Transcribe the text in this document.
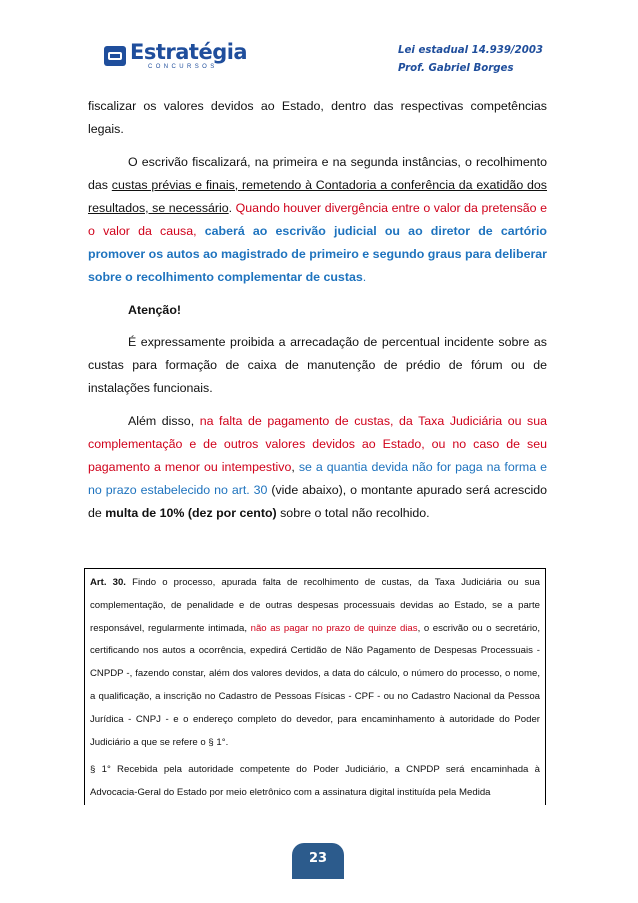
Estratégia
CONCURSOS
Lei estadual 14.939/2003
Prof. Gabriel Borges

fiscalizar os valores devidos ao Estado, dentro das respectivas competências legais.

O escrivão fiscalizará, na primeira e na segunda instâncias, o recolhimento das custas prévias e finais, remetendo à Contadoria a conferência da exatidão dos resultados, se necessário. Quando houver divergência entre o valor da pretensão e o valor da causa, caberá ao escrivão judicial ou ao diretor de cartório promover os autos ao magistrado de primeiro e segundo graus para deliberar sobre o recolhimento complementar de custas.

Atenção!

É expressamente proibida a arrecadação de percentual incidente sobre as custas para formação de caixa de manutenção de prédio de fórum ou de instalações funcionais.

Além disso, na falta de pagamento de custas, da Taxa Judiciária ou sua complementação e de outros valores devidos ao Estado, ou no caso de seu pagamento a menor ou intempestivo, se a quantia devida não for paga na forma e no prazo estabelecido no art. 30 (vide abaixo), o montante apurado será acrescido de multa de 10% (dez por cento) sobre o total não recolhido.

Art. 30. Findo o processo, apurada falta de recolhimento de custas, da Taxa Judiciária ou sua complementação, de penalidade e de outras despesas processuais devidas ao Estado, se a parte responsável, regularmente intimada, não as pagar no prazo de quinze dias, o escrivão ou o secretário, certificando nos autos a ocorrência, expedirá Certidão de Não Pagamento de Despesas Processuais - CNPDP -, fazendo constar, além dos valores devidos, a data do cálculo, o número do processo, o nome, a qualificação, a inscrição no Cadastro de Pessoas Físicas - CPF - ou no Cadastro Nacional da Pessoa Jurídica - CNPJ - e o endereço completo do devedor, para encaminhamento à autoridade do Poder Judiciário a que se refere o § 1°.

§ 1° Recebida pela autoridade competente do Poder Judiciário, a CNPDP será encaminhada à Advocacia-Geral do Estado por meio eletrônico com a assinatura digital instituída pela Medida

23
